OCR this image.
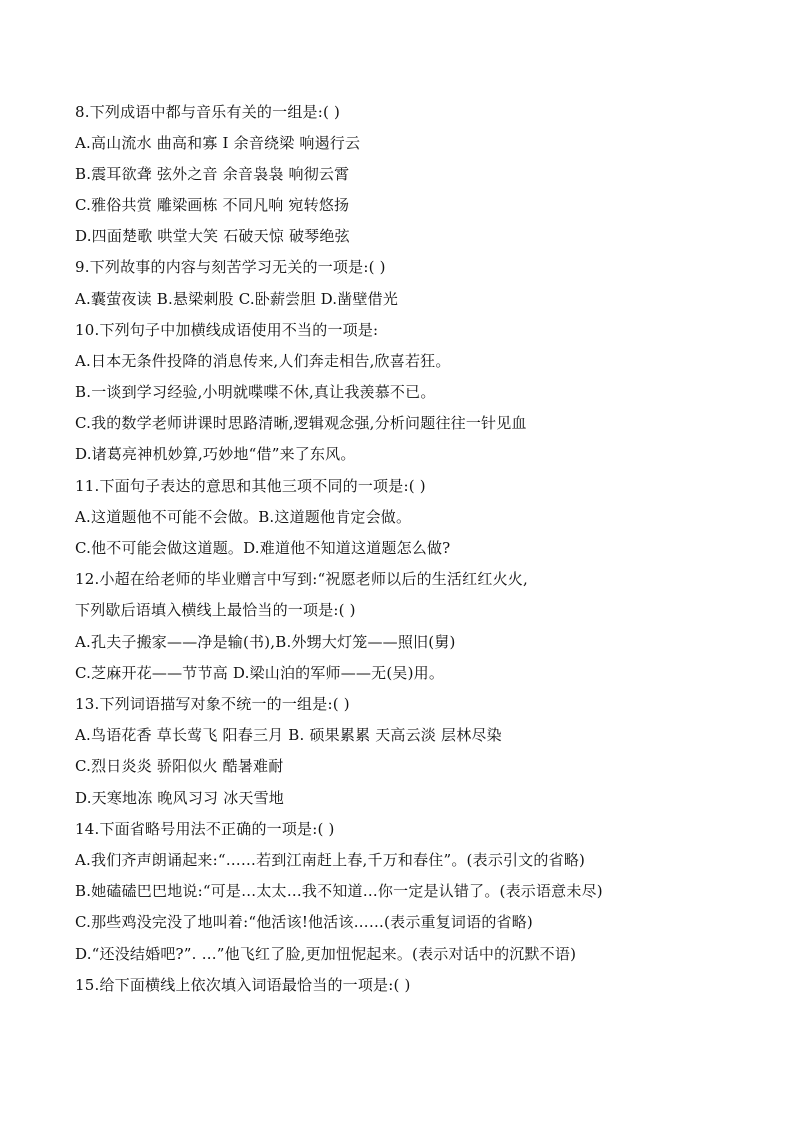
8.下列成语中都与音乐有关的一组是:( )
A.高山流水 曲高和寡 I 余音绕梁 响遏行云
B.震耳欲聋 弦外之音 余音袅袅 响彻云霄
C.雅俗共赏 雕梁画栋 不同凡响 宛转悠扬
D.四面楚歌 哄堂大笑 石破天惊 破琴绝弦
9.下列故事的内容与刻苦学习无关的一项是:( )
A.囊萤夜读 B.悬梁刺股 C.卧薪尝胆 D.凿壁借光
10.下列句子中加横线成语使用不当的一项是:
A.日本无条件投降的消息传来,人们奔走相告,欣喜若狂。
B.一谈到学习经验,小明就喋喋不休,真让我羡慕不已。
C.我的数学老师讲课时思路清晰,逻辑观念强,分析问题往往一针见血
D.诸葛亮神机妙算,巧妙地“借”来了东风。
11.下面句子表达的意思和其他三项不同的一项是:( )
A.这道题他不可能不会做。B.这道题他肯定会做。
C.他不可能会做这道题。D.难道他不知道这道题怎么做?
12.小超在给老师的毕业赠言中写到:“祝愿老师以后的生活红红火火,
下列歇后语填入横线上最恰当的一项是:( )
A.孔夫子搬家——净是输(书),B.外甥大灯笼——照旧(舅)
C.芝麻开花——节节高 D.梁山泊的军师——无(吴)用。
13.下列词语描写对象不统一的一组是:( )
A.鸟语花香 草长莺飞 阳春三月 B. 硕果累累 天高云淡 层林尽染
C.烈日炎炎 骄阳似火 酷暑难耐
D.天寒地冻 晚风习习 冰天雪地
14.下面省略号用法不正确的一项是:( )
A.我们齐声朗诵起来:“……若到江南赶上春,千万和春住”。(表示引文的省略)
B.她磕磕巴巴地说:“可是…太太…我不知道…你一定是认错了。(表示语意未尽)
C.那些鸡没完没了地叫着:“他活该!他活该……(表示重复词语的省略)
D.“还没结婚吧?”. …”他飞红了脸,更加忸怩起来。(表示对话中的沉默不语)
15.给下面横线上依次填入词语最恰当的一项是:( )
